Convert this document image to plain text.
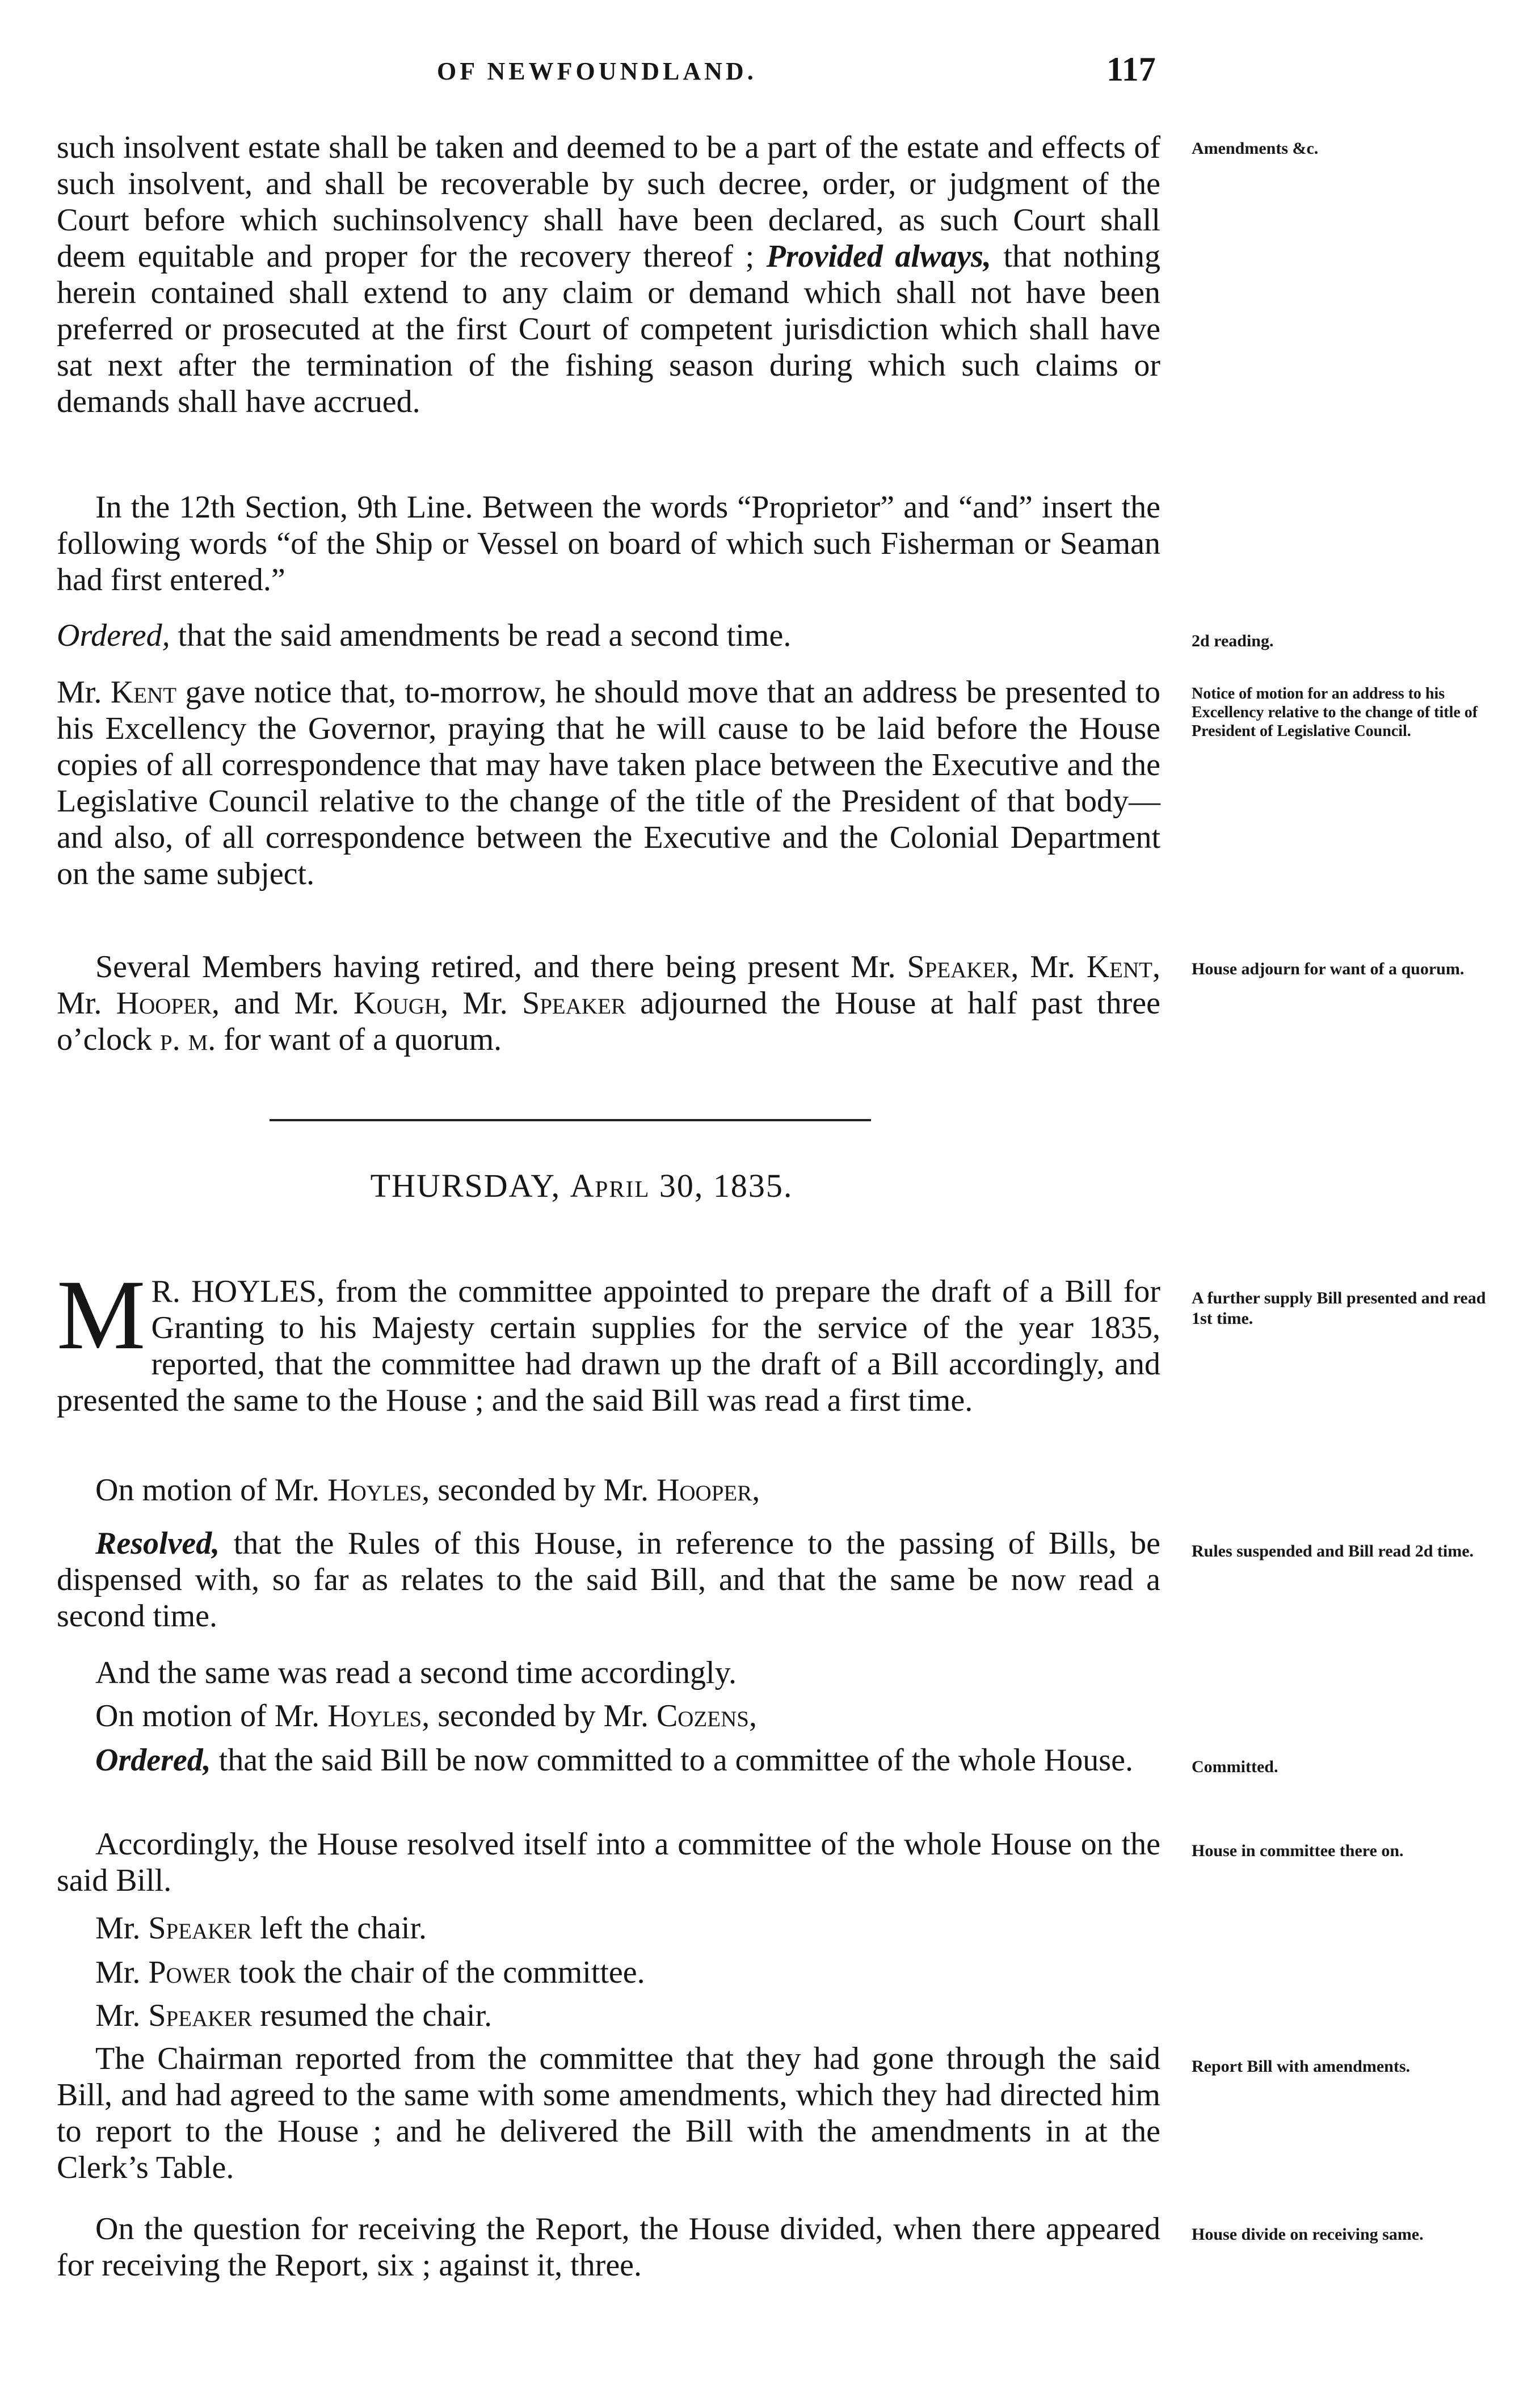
OF NEWFOUNDLAND.	117
such insolvent estate shall be taken and deemed to be a part of the estate and effects of such insolvent, and shall be recoverable by such decree, order, or judgment of the Court before which suchinsolvency shall have been declared, as such Court shall deem equitable and proper for the recovery thereof ; Provided always, that nothing herein contained shall extend to any claim or demand which shall not have been preferred or prosecuted at the first Court of competent jurisdiction which shall have sat next after the termination of the fishing season during which such claims or demands shall have accrued.
Amendments &c.
In the 12th Section, 9th Line. Between the words “Proprietor” and “and” insert the following words “of the Ship or Vessel on board of which such Fisherman or Seaman had first entered.”
Ordered, that the said amendments be read a second time.	2d reading.
Mr. Kent gave notice that, to-morrow, he should move that an address be presented to his Excellency the Governor, praying that he will cause to be laid before the House copies of all correspondence that may have taken place between the Executive and the Legislative Council relative to the change of the title of the President of that body—and also, of all correspondence between the Executive and the Colonial Department on the same subject.
Notice of motion for an address to his Excellency relative to the change of title of President of Legislative Council.
Several Members having retired, and there being present Mr. Speaker, Mr. Kent, Mr. Hooper, and Mr. Kough, Mr. Speaker adjourned the House at half past three o’clock p. m. for want of a quorum.
House adjourn for want of a quorum.
THURSDAY, April 30, 1835.
M R. HOYLES, from the committee appointed to prepare the draft of a Bill for Granting to his Majesty certain supplies for the service of the year 1835, reported, that the committee had drawn up the draft of a Bill accordingly, and presented the same to the House ; and the said Bill was read a first time.
A further supply Bill presented and read 1st time.
On motion of Mr. Hoyles, seconded by Mr. Hooper,
Resolved, that the Rules of this House, in reference to the passing of Bills, be dispensed with, so far as relates to the said Bill, and that the same be now read a second time.
Rules suspended and Bill read 2d time.
And the same was read a second time accordingly.
On motion of Mr. Hoyles, seconded by Mr. Cozens,
Ordered, that the said Bill be now committed to a committee of the whole House.	Committed.
Accordingly, the House resolved itself into a committee of the whole House on the said Bill.
House in committee there on.
Mr. Speaker left the chair.
Mr. Power took the chair of the committee.
Mr. Speaker resumed the chair.
The Chairman reported from the committee that they had gone through the said Bill, and had agreed to the same with some amendments, which they had directed him to report to the House ; and he delivered the Bill with the amendments in at the Clerk’s Table.
Report Bill with amendments.
On the question for receiving the Report, the House divided, when there appeared for receiving the Report, six ; against it, three.
House divide on receiving same.
